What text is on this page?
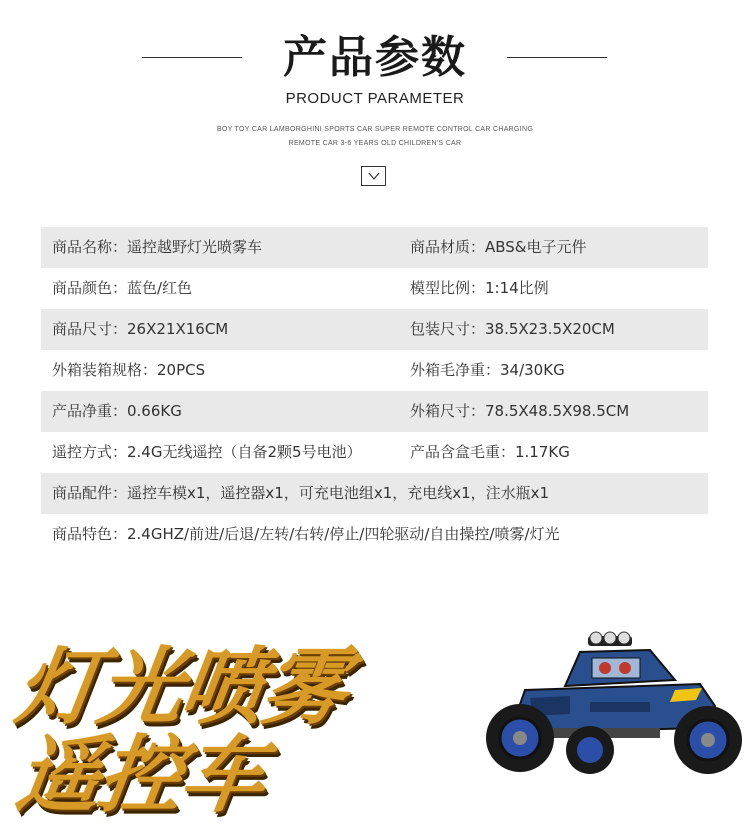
产品参数
PRODUCT PARAMETER
BOY TOY CAR LAMBORGHINI SPORTS CAR SUPER REMOTE CONTROL CAR CHARGING
REMOTE CAR 3-6 YEARS OLD CHILDREN'S CAR
商品名称：遥控越野灯光喷雾车	商品材质：ABS&电子元件
商品颜色：蓝色/红色	模型比例：1:14比例
商品尺寸：26X21X16CM	包装尺寸：38.5X23.5X20CM
外箱装箱规格：20PCS	外箱毛净重：34/30KG
产品净重：0.66KG	外箱尺寸：78.5X48.5X98.5CM
遥控方式：2.4G无线遥控（自备2颗5号电池）	产品含盒毛重：1.17KG
商品配件：遥控车模x1，遥控器x1，可充电池组x1，充电线x1，注水瓶x1
商品特色：2.4GHZ/前进/后退/左转/右转/停止/四轮驱动/自由操控/喷雾/灯光
灯光喷雾
遥控车
